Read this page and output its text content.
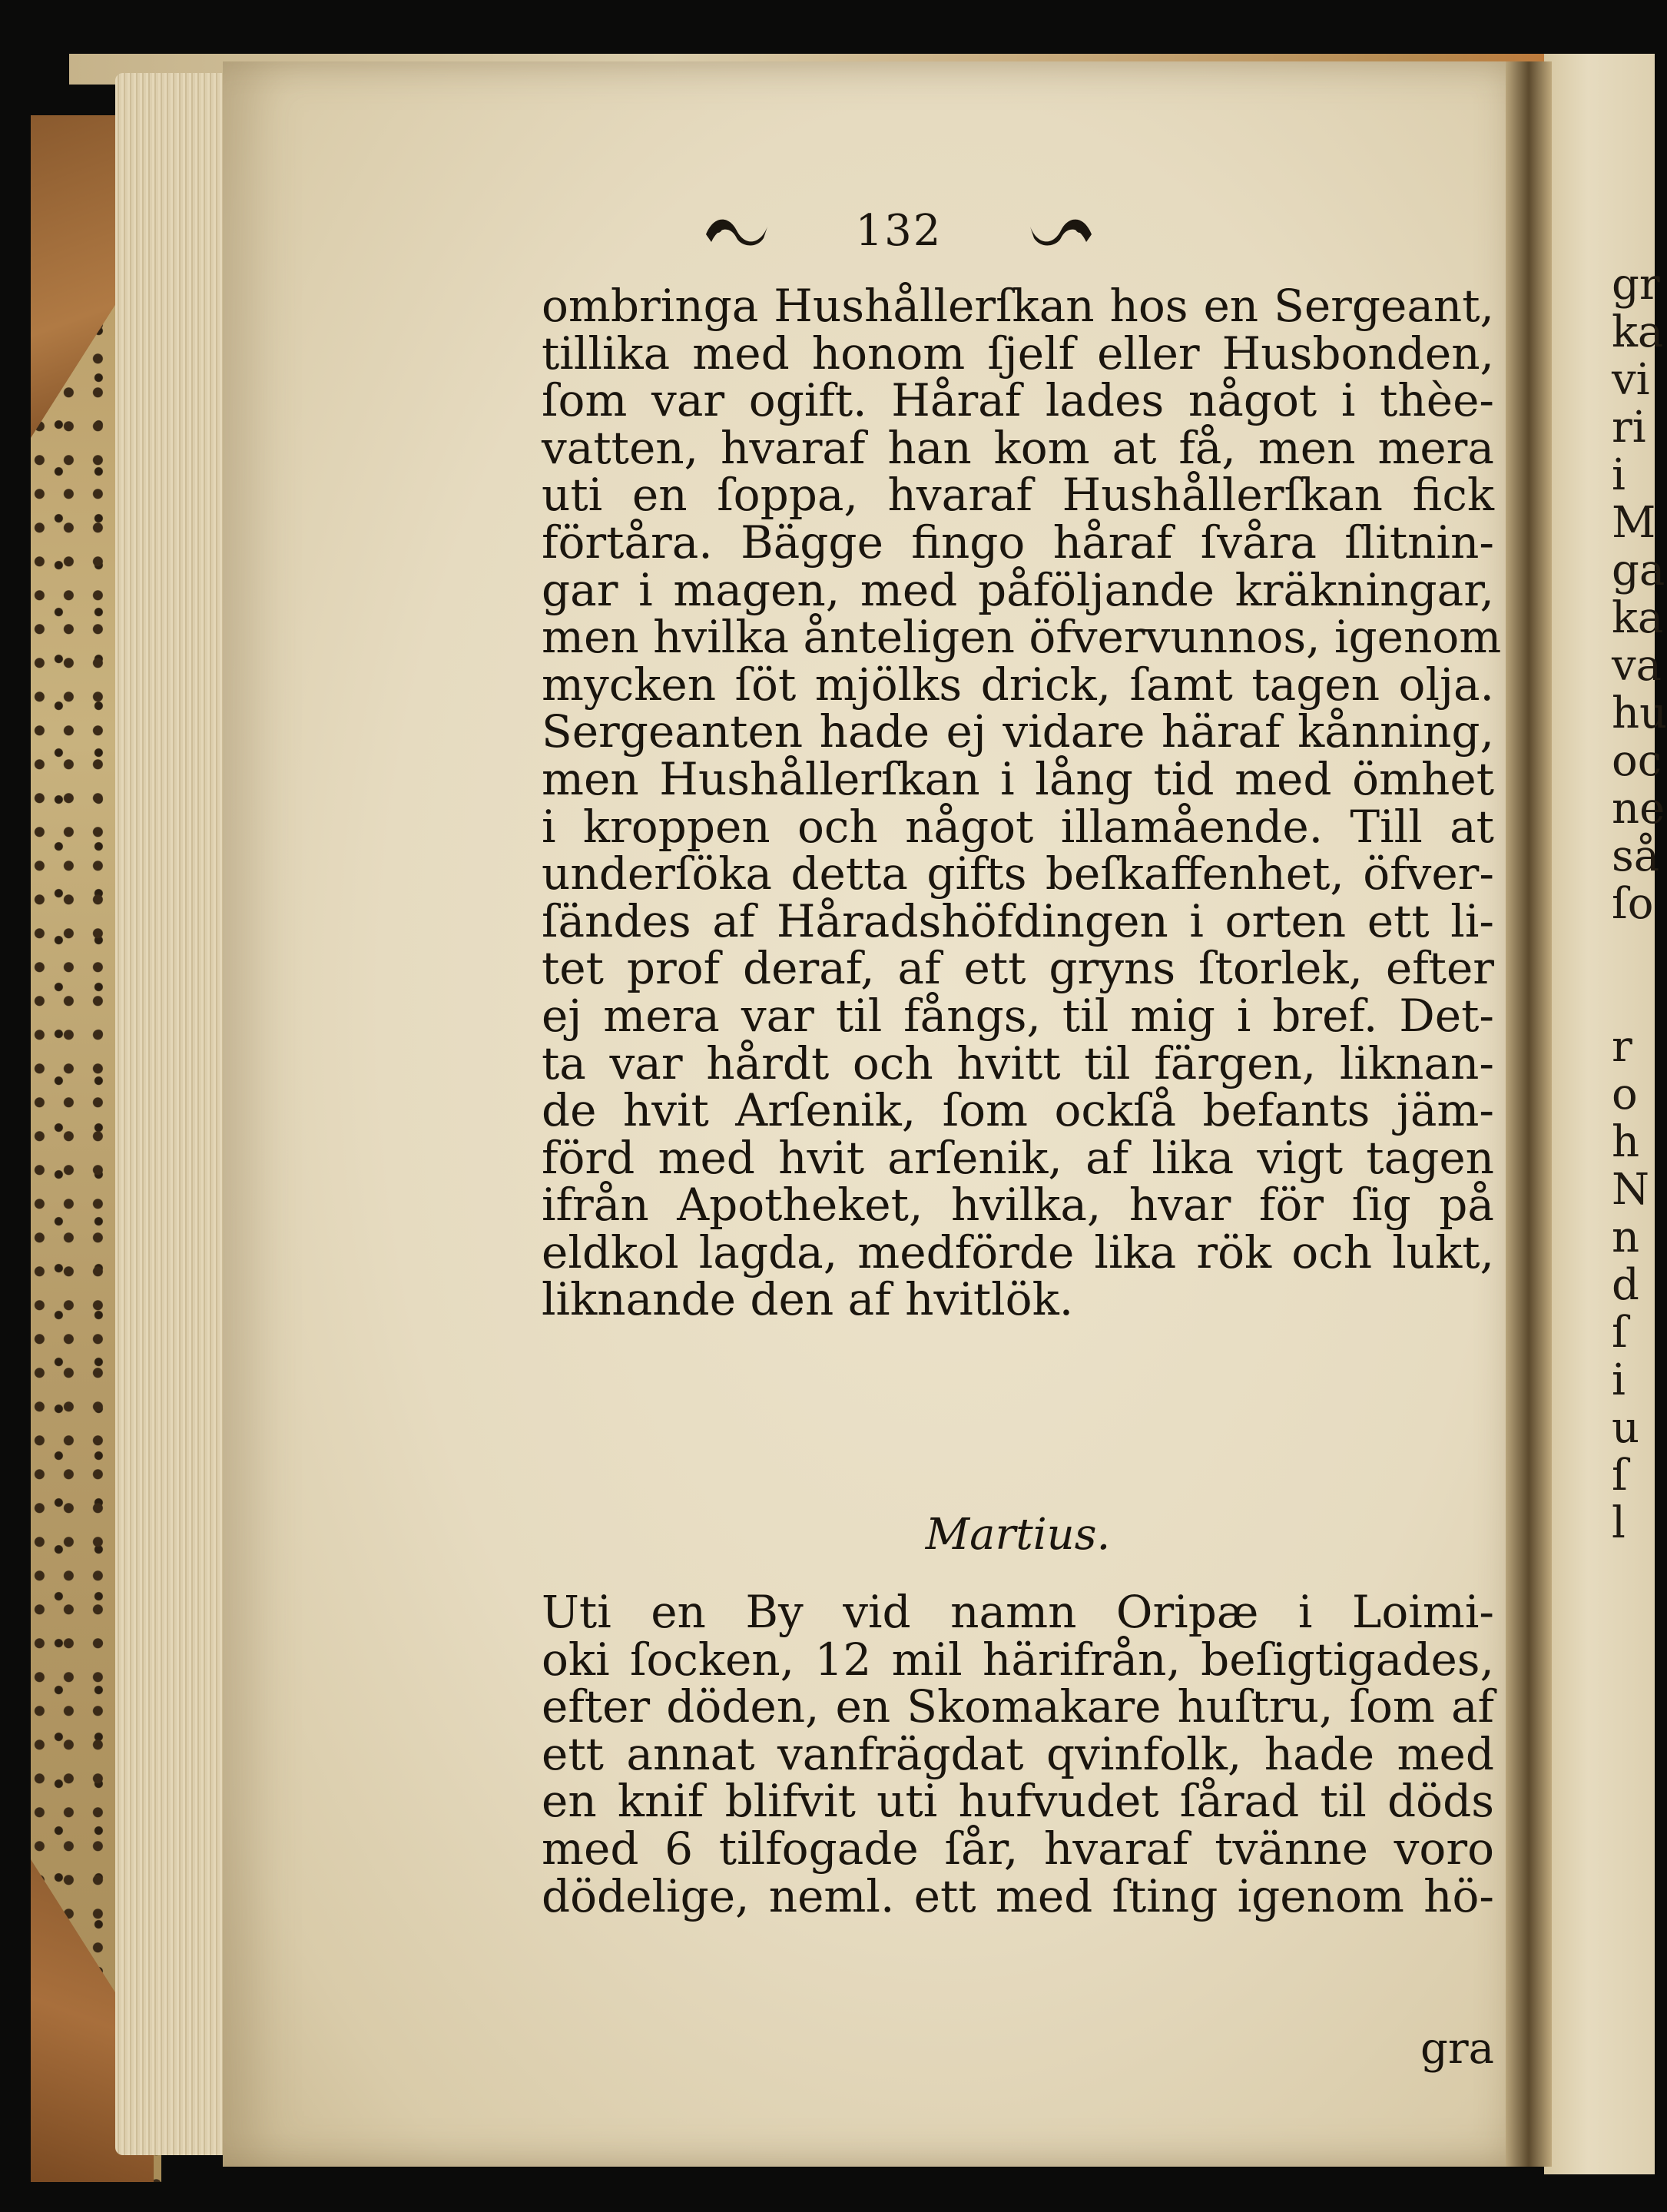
gr
ka
vi
ri
i
M
ga
ka
va
hu
oc
ne
så
ſo
r
o
h
N
n
d
ſ
i
u
ſ
l
132
ombringa Hushållerſkan hos en Sergeant,
tillika med honom ſjelf eller Husbonden,
ſom var ogift. Håraf lades något i thèe-
vatten, hvaraf han kom at få, men mera
uti en ſoppa, hvaraf Hushållerſkan fick
förtåra. Bägge fingo håraf ſvåra ſlitnin-
gar i magen, med påföljande kräkningar,
men hvilka ånteligen öfvervunnos, igenom
mycken ſöt mjölks drick, ſamt tagen olja.
Sergeanten hade ej vidare häraf kånning,
men Hushållerſkan i lång tid med ömhet
i kroppen och något illamående. Till at
underſöka detta gifts beſkaffenhet, öfver-
ſändes af Håradshöfdingen i orten ett li-
tet prof deraf, af ett gryns ſtorlek, efter
ej mera var til fångs, til mig i bref. Det-
ta var hårdt och hvitt til färgen, liknan-
de hvit Arſenik, ſom ockſå befants jäm-
förd med hvit arſenik, af lika vigt tagen
ifrån Apotheket, hvilka, hvar för ſig på
eldkol lagda, medförde lika rök och lukt,
liknande den af hvitlök.
Martius.
Uti en By vid namn Oripæ i Loimi-
oki ſocken, 12 mil härifrån, beſigtigades,
efter döden, en Skomakare huſtru, ſom af
ett annat vanfrägdat qvinfolk, hade med
en knif blifvit uti hufvudet ſårad til döds
med 6 tilfogade ſår, hvaraf tvänne voro
dödelige, neml. ett med ſting igenom hö-
gra
